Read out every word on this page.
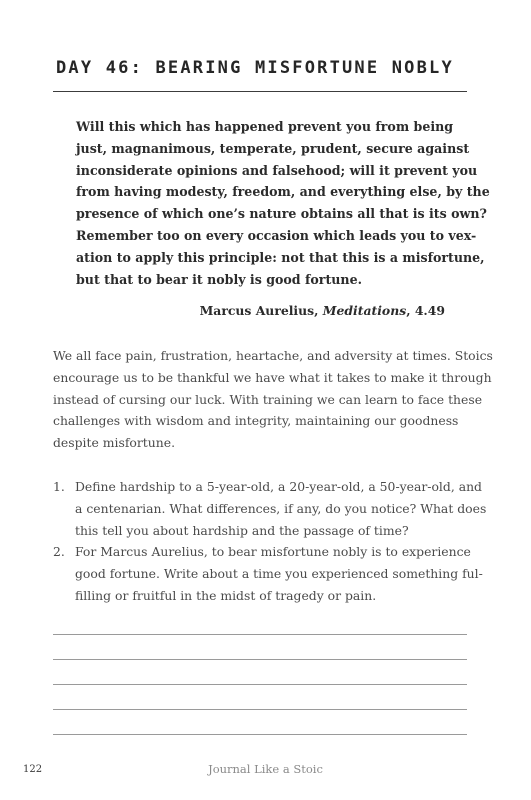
DAY 46: BEARING MISFORTUNE NOBLY
Will this which has happened prevent you from being
just, magnanimous, temperate, prudent, secure against
inconsiderate opinions and falsehood; will it prevent you
from having modesty, freedom, and everything else, by the
presence of which one’s nature obtains all that is its own?
Remember too on every occasion which leads you to vex-
ation to apply this principle: not that this is a misfortune,
but that to bear it nobly is good fortune.
Marcus Aurelius, Meditations, 4.49
We all face pain, frustration, heartache, and adversity at times. Stoics
encourage us to be thankful we have what it takes to make it through
instead of cursing our luck. With training we can learn to face these
challenges with wisdom and integrity, maintaining our goodness
despite misfortune.
1. Define hardship to a 5-year-old, a 20-year-old, a 50-year-old, and
a centenarian. What differences, if any, do you notice? What does
this tell you about hardship and the passage of time?
2. For Marcus Aurelius, to bear misfortune nobly is to experience
good fortune. Write about a time you experienced something ful-
filling or fruitful in the midst of tragedy or pain.
122	Journal Like a Stoic
